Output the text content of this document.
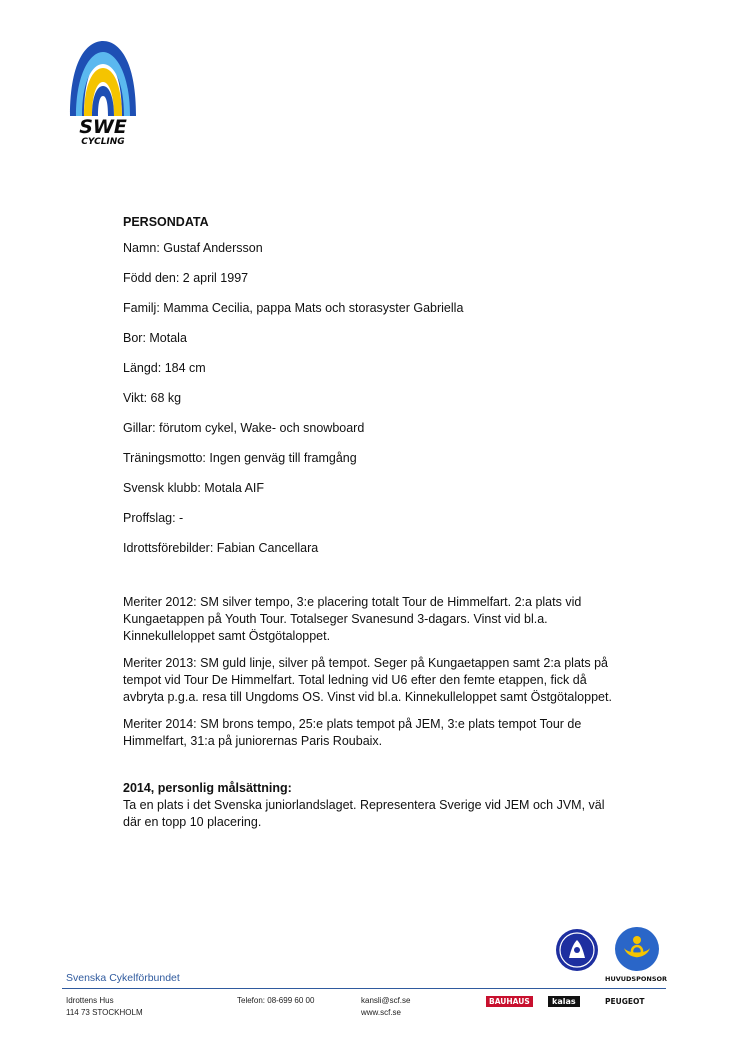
SWE
CYCLING
PERSONDATA
Namn: Gustaf Andersson
Född den: 2 april 1997
Familj: Mamma Cecilia, pappa Mats och storasyster Gabriella
Bor: Motala
Längd: 184 cm
Vikt: 68 kg
Gillar: förutom cykel, Wake- och snowboard
Träningsmotto: Ingen genväg till framgång
Svensk klubb: Motala AIF
Proffslag: -
Idrottsförebilder: Fabian Cancellara
Meriter 2012: SM silver tempo, 3:e placering totalt Tour de Himmelfart. 2:a plats vid Kungaetappen på Youth Tour. Totalseger Svanesund 3-dagars. Vinst vid bl.a. Kinnekulleloppet samt Östgötaloppet.
Meriter 2013: SM guld linje, silver på tempot. Seger på Kungaetappen samt 2:a plats på tempot vid Tour De Himmelfart. Total ledning vid U6 efter den femte etappen, fick då avbryta p.g.a. resa till Ungdoms OS. Vinst vid bl.a. Kinnekulleloppet samt Östgötaloppet.
Meriter 2014: SM brons tempo, 25:e plats tempot på JEM, 3:e plats tempot Tour de Himmelfart, 31:a på juniorernas Paris Roubaix.
2014, personlig målsättning:
Ta en plats i det Svenska juniorlandslaget. Representera Sverige vid JEM och JVM, väl där en topp 10 placering.
HUVUDSPONSOR
Svenska Cykelförbundet
Idrottens Hus
114 73 STOCKHOLM
Telefon: 08-699 60 00	kansli@scf.se
www.scf.se
BAUHAUS	kalas	PEUGEOT
